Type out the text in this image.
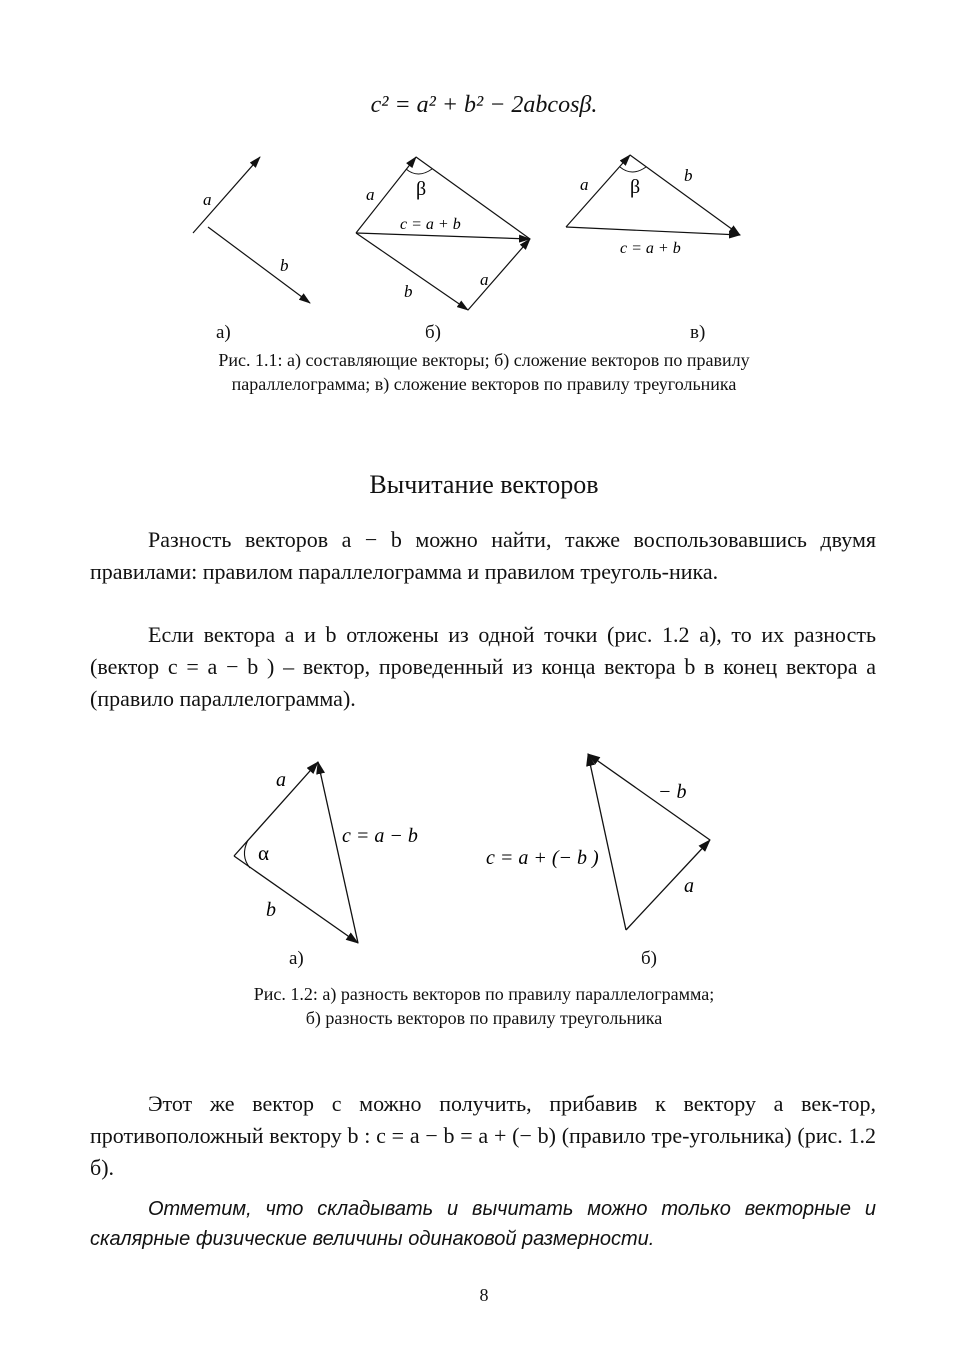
c² = a² + b² − 2abcosβ.
a
b
a β
c = a + b
b
a
a β
b
c = a + b
а)	б)	в)
Рис. 1.1: а) составляющие векторы; б) сложение векторов по правилу
параллелограмма; в) сложение векторов по правилу треугольника
Вычитание векторов
Разность векторов a − b можно найти, также воспользовавшись двумя правилами: правилом параллелограмма и правилом треуголь-ника.
Если вектора a и b отложены из одной точки (рис. 1.2 а), то их разность (вектор c = a − b ) – вектор, проведенный из конца вектора b в конец вектора a (правило параллелограмма).
a
α
c = a − b
b
c = a + (− b )
− b
a
а)	б)
Рис. 1.2: а) разность векторов по правилу параллелограмма;
б) разность векторов по правилу треугольника
Этот же вектор c можно получить, прибавив к вектору a век-тор, противоположный вектору b : c = a − b = a + (− b) (правило тре-угольника) (рис. 1.2 б).
Отметим, что складывать и вычитать можно только векторные и скалярные физические величины одинаковой размерности.
8
